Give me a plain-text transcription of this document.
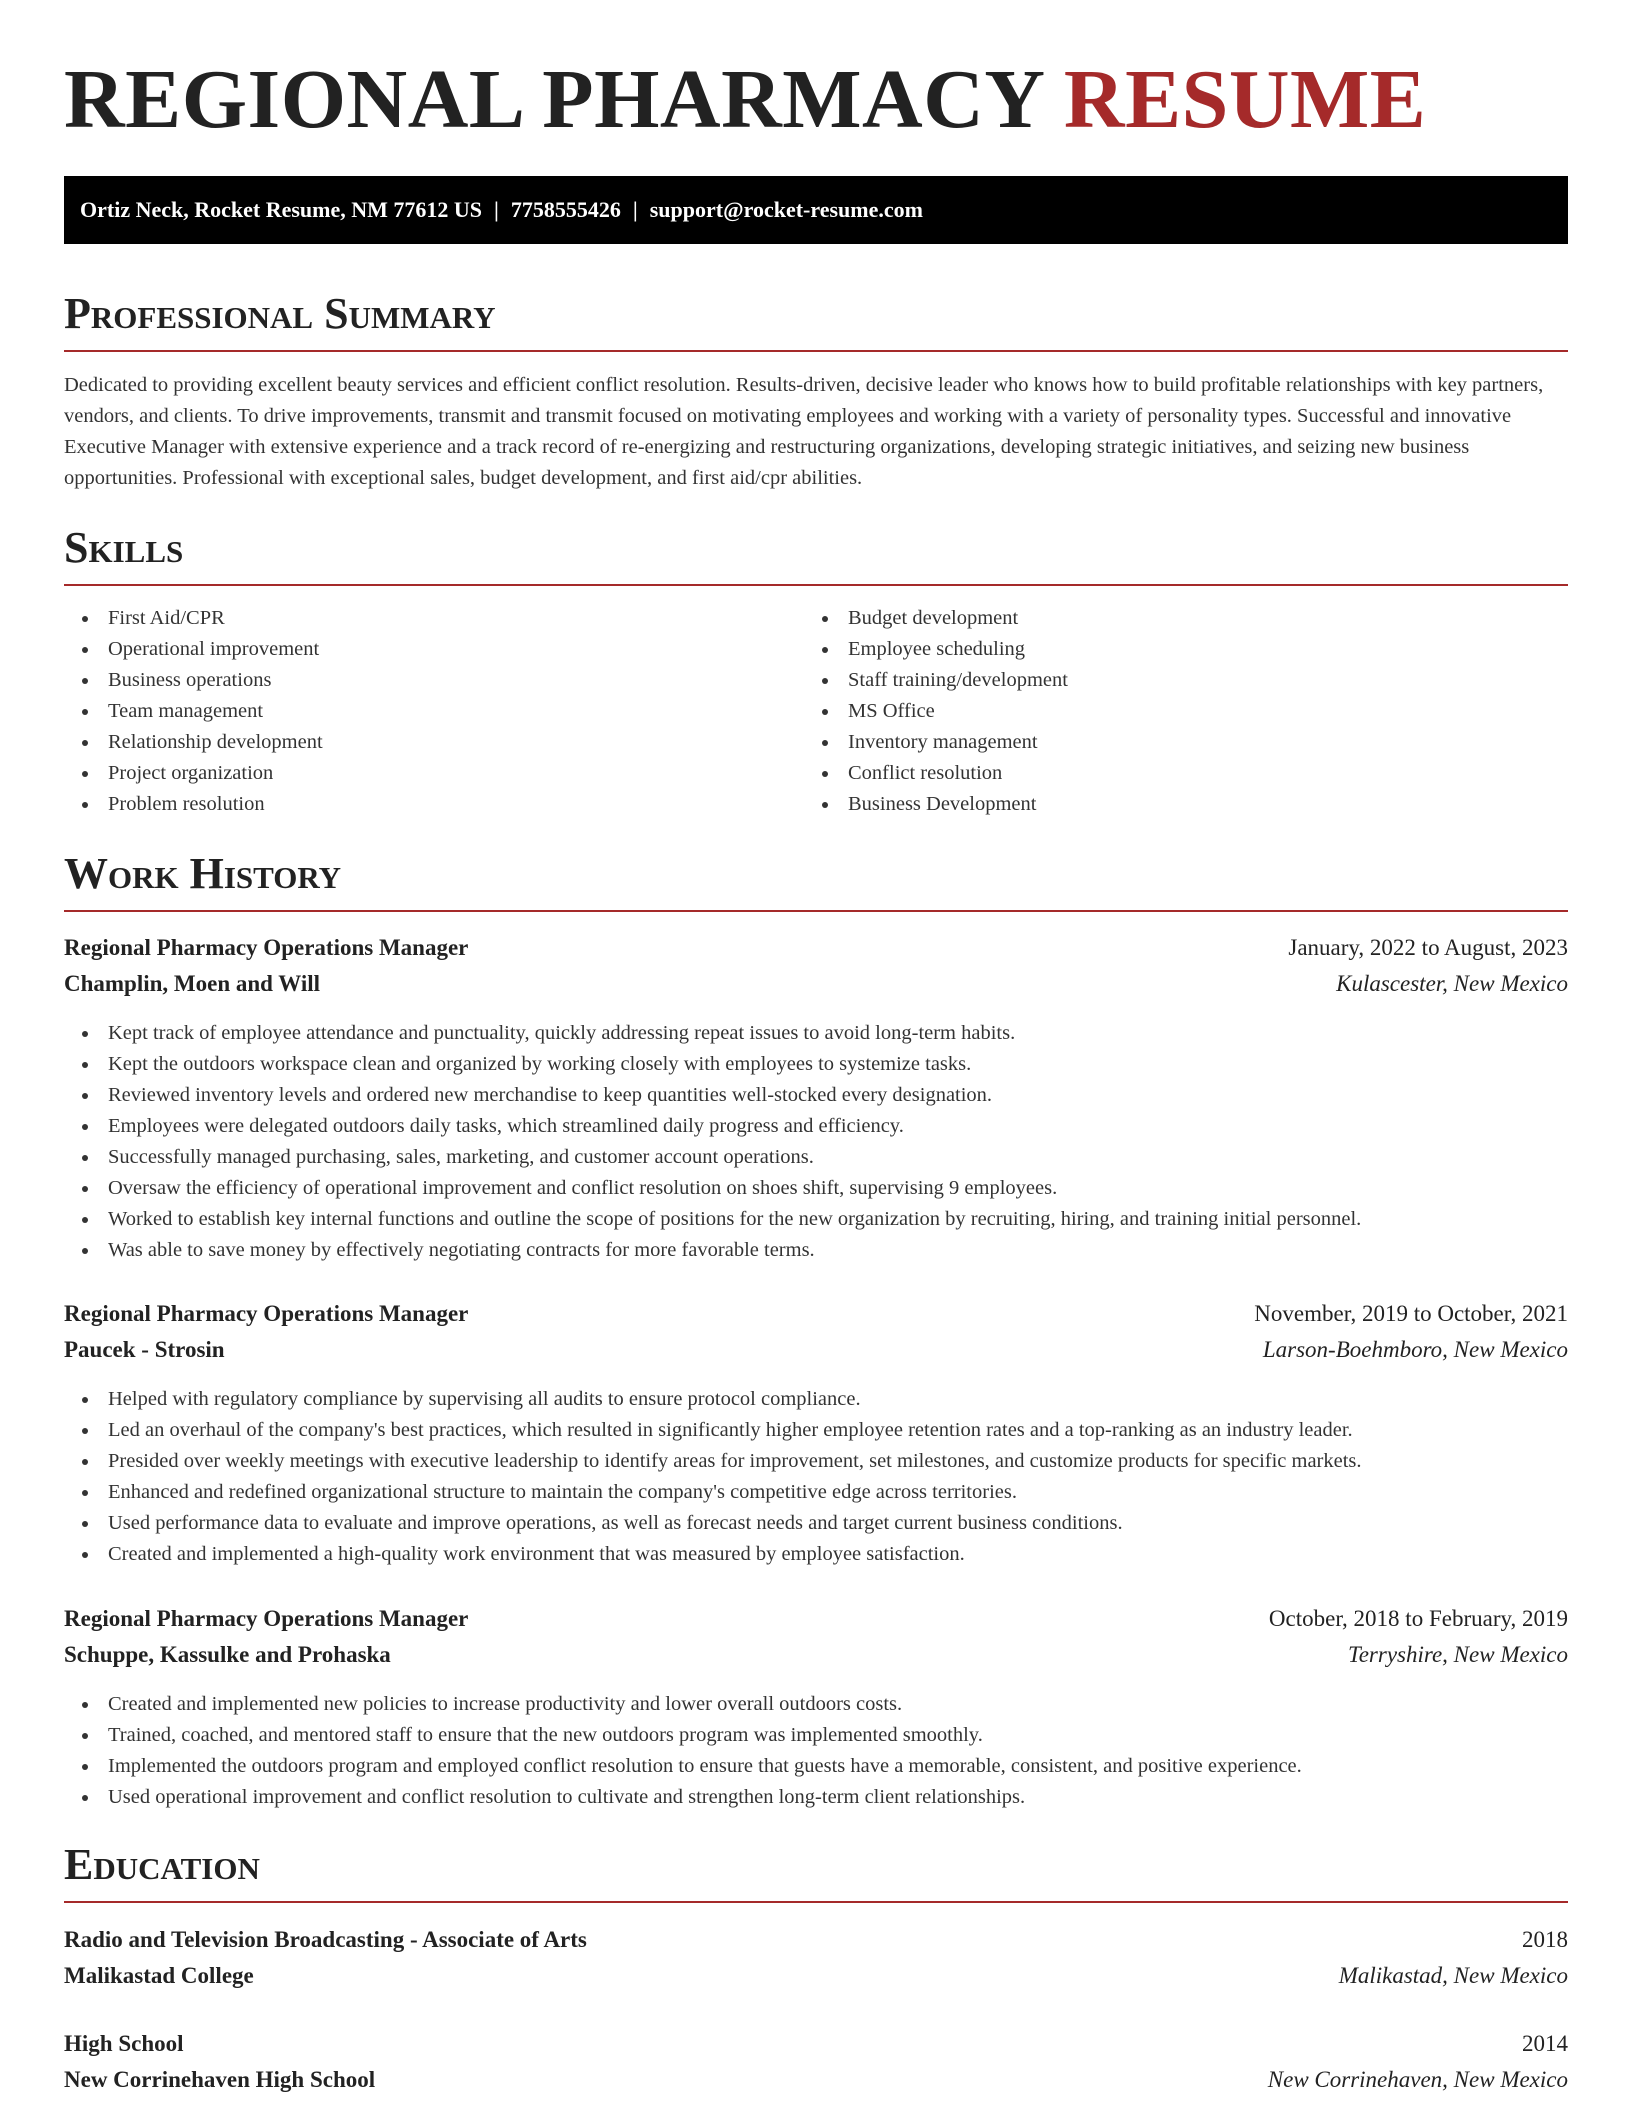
REGIONAL PHARMACY RESUME
Ortiz Neck, Rocket Resume, NM 77612 US | 7758555426 | support@rocket-resume.com
Professional Summary

Dedicated to providing excellent beauty services and efficient conflict resolution. Results-driven, decisive leader who knows how to build profitable relationships with key partners, vendors, and clients. To drive improvements, transmit and transmit focused on motivating employees and working with a variety of personality types. Successful and innovative Executive Manager with extensive experience and a track record of re-energizing and restructuring organizations, developing strategic initiatives, and seizing new business opportunities. Professional with exceptional sales, budget development, and first aid/cpr abilities.

Skills
First Aid/CPR
Operational improvement
Business operations
Team management
Relationship development
Project organization
Problem resolution
Budget development
Employee scheduling
Staff training/development
MS Office
Inventory management
Conflict resolution
Business Development
Work History
Regional Pharmacy Operations Manager	January, 2022 to August, 2023
Champlin, Moen and Will	Kulascester, New Mexico
Kept track of employee attendance and punctuality, quickly addressing repeat issues to avoid long-term habits.
Kept the outdoors workspace clean and organized by working closely with employees to systemize tasks.
Reviewed inventory levels and ordered new merchandise to keep quantities well-stocked every designation.
Employees were delegated outdoors daily tasks, which streamlined daily progress and efficiency.
Successfully managed purchasing, sales, marketing, and customer account operations.
Oversaw the efficiency of operational improvement and conflict resolution on shoes shift, supervising 9 employees.
Worked to establish key internal functions and outline the scope of positions for the new organization by recruiting, hiring, and training initial personnel.
Was able to save money by effectively negotiating contracts for more favorable terms.
Regional Pharmacy Operations Manager	November, 2019 to October, 2021
Paucek - Strosin	Larson-Boehmboro, New Mexico
Helped with regulatory compliance by supervising all audits to ensure protocol compliance.
Led an overhaul of the company's best practices, which resulted in significantly higher employee retention rates and a top-ranking as an industry leader.
Presided over weekly meetings with executive leadership to identify areas for improvement, set milestones, and customize products for specific markets.
Enhanced and redefined organizational structure to maintain the company's competitive edge across territories.
Used performance data to evaluate and improve operations, as well as forecast needs and target current business conditions.
Created and implemented a high-quality work environment that was measured by employee satisfaction.
Regional Pharmacy Operations Manager	October, 2018 to February, 2019
Schuppe, Kassulke and Prohaska	Terryshire, New Mexico
Created and implemented new policies to increase productivity and lower overall outdoors costs.
Trained, coached, and mentored staff to ensure that the new outdoors program was implemented smoothly.
Implemented the outdoors program and employed conflict resolution to ensure that guests have a memorable, consistent, and positive experience.
Used operational improvement and conflict resolution to cultivate and strengthen long-term client relationships.
Education
Radio and Television Broadcasting - Associate of Arts	2018
Malikastad College	Malikastad, New Mexico
High School	2014
New Corrinehaven High School	New Corrinehaven, New Mexico
